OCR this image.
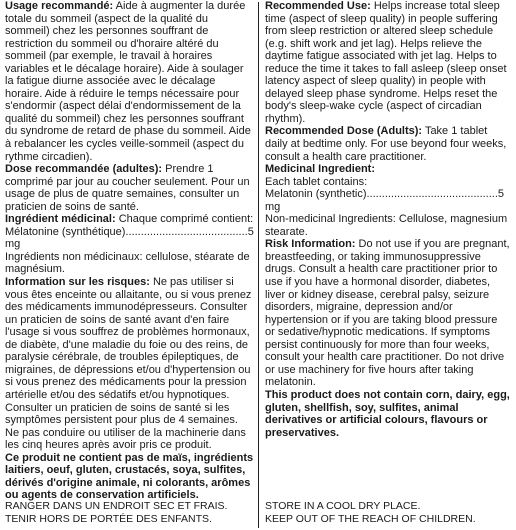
Usage recommandé: Aide à augmenter la durée totale du sommeil (aspect de la qualité du sommeil) chez les personnes souffrant de restriction du sommeil ou d'horaire altéré du sommeil (par exemple, le travail à horaires variables et le décalage horaire). Aide à soulager la fatigue diurne associée avec le décalage horaire. Aide à réduire le temps nécessaire pour s'endormir (aspect délai d'endormissement de la qualité du sommeil) chez les personnes souffrant du syndrome de retard de phase du sommeil. Aide à rebalancer les cycles veille-sommeil (aspect du rythme circadien).

Dose recommandée (adultes): Prendre 1 comprimé par jour au coucher seulement. Pour un usage de plus de quatre semaines, consulter un praticien de soins de santé.

Ingrédient médicinal: Chaque comprimé contient:

Mélatonine (synthétique)........................................5 mg

Ingrédients non médicinaux: cellulose, stéarate de magnésium.

Information sur les risques: Ne pas utiliser si vous êtes enceinte ou allaitante, ou si vous prenez des médicaments immunodépresseurs. Consulter un praticien de soins de santé avant d'en faire l'usage si vous souffrez de problèmes hormonaux, de diabète, d'une maladie du foie ou des reins, de paralysie cérébrale, de troubles épileptiques, de migraines, de dépressions et/ou d'hypertension ou si vous prenez des médicaments pour la pression artérielle et/ou des sédatifs et/ou hypnotiques. Consulter un praticien de soins de santé si les symptômes persistent pour plus de 4 semaines. Ne pas conduire ou utiliser de la machinerie dans les cinq heures après avoir pris ce produit.

Ce produit ne contient pas de maïs, ingrédients laitiers, oeuf, gluten, crustacés, soya, sulfites, dérivés d'origine animale, ni colorants, arômes ou agents de conservation artificiels.

Recommended Use: Helps increase total sleep time (aspect of sleep quality) in people suffering from sleep restriction or altered sleep schedule (e.g. shift work and jet lag). Helps relieve the daytime fatigue associated with jet lag. Helps to reduce the time it takes to fall asleep (sleep onset latency aspect of sleep quality) in people with delayed sleep phase syndrome. Helps reset the body's sleep-wake cycle (aspect of circadian rhythm).

Recommended Dose (Adults): Take 1 tablet daily at bedtime only. For use beyond four weeks, consult a health care practitioner.

Medicinal Ingredient:

Each tablet contains:

Melatonin (synthetic)...........................................5 mg

Non-medicinal Ingredients: Cellulose, magnesium stearate.

Risk Information: Do not use if you are pregnant, breastfeeding, or taking immunosuppressive drugs. Consult a health care practitioner prior to use if you have a hormonal disorder, diabetes, liver or kidney disease, cerebral palsy, seizure disorders, migraine, depression and/or hypertension or if you are taking blood pressure or sedative/hypnotic medications. If symptoms persist continuously for more than four weeks, consult your health care practitioner. Do not drive or use machinery for five hours after taking melatonin.

This product does not contain corn, dairy, egg, gluten, shellfish, soy, sulfites, animal derivatives or artificial colours, flavours or preservatives.

RANGER DANS UN ENDROIT SEC ET FRAIS.
TENIR HORS DE PORTÉE DES ENFANTS.
STORE IN A COOL DRY PLACE.
KEEP OUT OF THE REACH OF CHILDREN.
